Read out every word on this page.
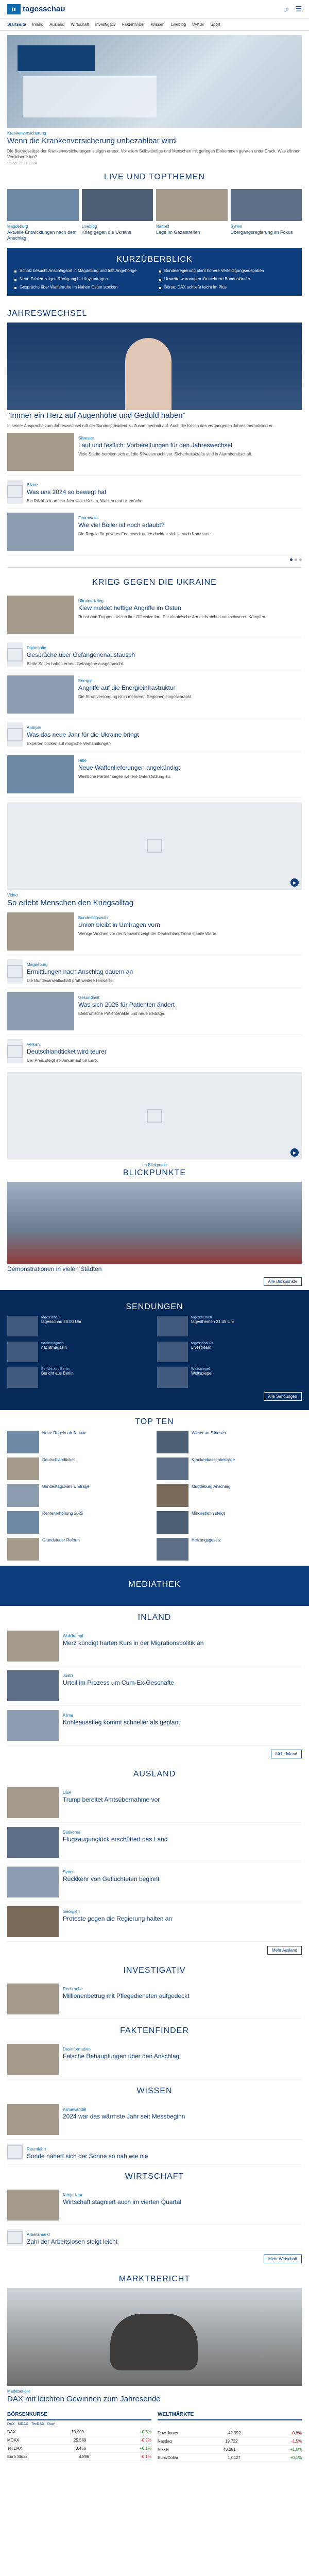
ts tagesschau	⌕ ☰
Startseite Inland Ausland Wirtschaft Investigativ Faktenfinder Wissen Liveblog Wetter Sport
Krankenversicherung
Wenn die Krankenversicherung unbezahlbar wird
Die Beitragssätze der Krankenversicherungen steigen erneut. Vor allem Selbständige und Menschen mit geringen Einkommen geraten unter Druck. Was können Versicherte tun?
Stand: 27.12.2024
LIVE UND TOPTHEMEN
Magdeburg
Aktuelle Entwicklungen nach dem Anschlag
Liveblog
Krieg gegen die Ukraine
Nahost
Lage im Gazastreifen
Syrien
Übergangsregierung im Fokus
KURZÜBERBLICK
Scholz besucht Anschlagsort in Magdeburg und trifft Angehörige	Bundesregierung plant höhere Verteidigungsausgaben
Neue Zahlen zeigen Rückgang bei Asylanträgen	Unwetterwarnungen für mehrere Bundesländer
Gespräche über Waffenruhe im Nahen Osten stocken	Börse: DAX schließt leicht im Plus
JAHRESWECHSEL
"Immer ein Herz auf Augenhöhe und Geduld haben"
In seiner Ansprache zum Jahreswechsel ruft der Bundespräsident zu Zusammenhalt auf. Auch die Krisen des vergangenen Jahres thematisiert er.
Silvester
Laut und festlich: Vorbereitungen für den Jahreswechsel
Viele Städte bereiten sich auf die Silvesternacht vor. Sicherheitskräfte sind in Alarmbereitschaft.
Bilanz
Was uns 2024 so bewegt hat
Ein Rückblick auf ein Jahr voller Krisen, Wahlen und Umbrüche.
Feuerwerk
Wie viel Böller ist noch erlaubt?
Die Regeln für privates Feuerwerk unterscheiden sich je nach Kommune.
KRIEG GEGEN DIE UKRAINE
Ukraine-Krieg
Kiew meldet heftige Angriffe im Osten
Russische Truppen setzen ihre Offensive fort. Die ukrainische Armee berichtet von schweren Kämpfen.
Diplomatie
Gespräche über Gefangenenaustausch
Beide Seiten haben erneut Gefangene ausgetauscht.
Energie
Angriffe auf die Energieinfrastruktur
Die Stromversorgung ist in mehreren Regionen eingeschränkt.
Analyse
Was das neue Jahr für die Ukraine bringt
Experten blicken auf mögliche Verhandlungen.
Hilfe
Neue Waffenlieferungen angekündigt
Westliche Partner sagen weitere Unterstützung zu.
▶
Video
So erlebt Menschen den Kriegsalltag
Bundestagswahl
Union bleibt in Umfragen vorn
Wenige Wochen vor der Neuwahl zeigt der DeutschlandTrend stabile Werte.
Magdeburg
Ermittlungen nach Anschlag dauern an
Die Bundesanwaltschaft prüft weitere Hinweise.
Gesundheit
Was sich 2025 für Patienten ändert
Elektronische Patientenakte und neue Beiträge.
Verkehr
Deutschlandticket wird teurer
Der Preis steigt ab Januar auf 58 Euro.
▶
Im Blickpunkt
BLICKPUNKTE
Demonstrationen in vielen Städten
Alle Blickpunkte
SENDUNGEN
tagesschau
tagesschau 20:00 Uhr
tagesthemen
tagesthemen 21:45 Uhr
nachtmagazin
nachtmagazin
tagesschau24
Livestream
Bericht aus Berlin
Bericht aus Berlin
Weltspiegel
Weltspiegel
Alle Sendungen
TOP TEN
Neue Regeln ab Januar	Wetter an Silvester
Deutschlandticket	Krankenkassenbeiträge
Bundestagswahl Umfrage	Magdeburg Anschlag
Rentenerhöhung 2025	Mindestlohn steigt
Grundsteuer Reform	Heizungsgesetz
MEDIATHEK
INLAND
Wahlkampf
Merz kündigt harten Kurs in der Migrationspolitik an
Justiz
Urteil im Prozess um Cum-Ex-Geschäfte
Klima
Kohleausstieg kommt schneller als geplant
Mehr Inland
AUSLAND
USA
Trump bereitet Amtsübernahme vor
Südkorea
Flugzeugunglück erschüttert das Land
Syrien
Rückkehr von Geflüchteten beginnt
Georgien
Proteste gegen die Regierung halten an
Mehr Ausland
INVESTIGATIV
Recherche
Millionenbetrug mit Pflegediensten aufgedeckt
FAKTENFINDER
Desinformation
Falsche Behauptungen über den Anschlag
WISSEN
Klimawandel
2024 war das wärmste Jahr seit Messbeginn
Raumfahrt
Sonde nähert sich der Sonne so nah wie nie
WIRTSCHAFT
Konjunktur
Wirtschaft stagniert auch im vierten Quartal
Arbeitsmarkt
Zahl der Arbeitslosen steigt leicht
Mehr Wirtschaft
MARKTBERICHT
Marktbericht
DAX mit leichten Gewinnen zum Jahresende
BÖRSENKURSE
DAX MDAX TecDAX Dow
DAX	19.909	+0,3%
MDAX	25.589	-0,2%
TecDAX	3.456	+0,1%
Euro Stoxx	4.896	-0,1%
WELTMÄRKTE
Dow Jones	42.992	-0,8%
Nasdaq	19.722	-1,5%
Nikkei	40.281	+1,8%
Euro/Dollar	1,0427	+0,1%
